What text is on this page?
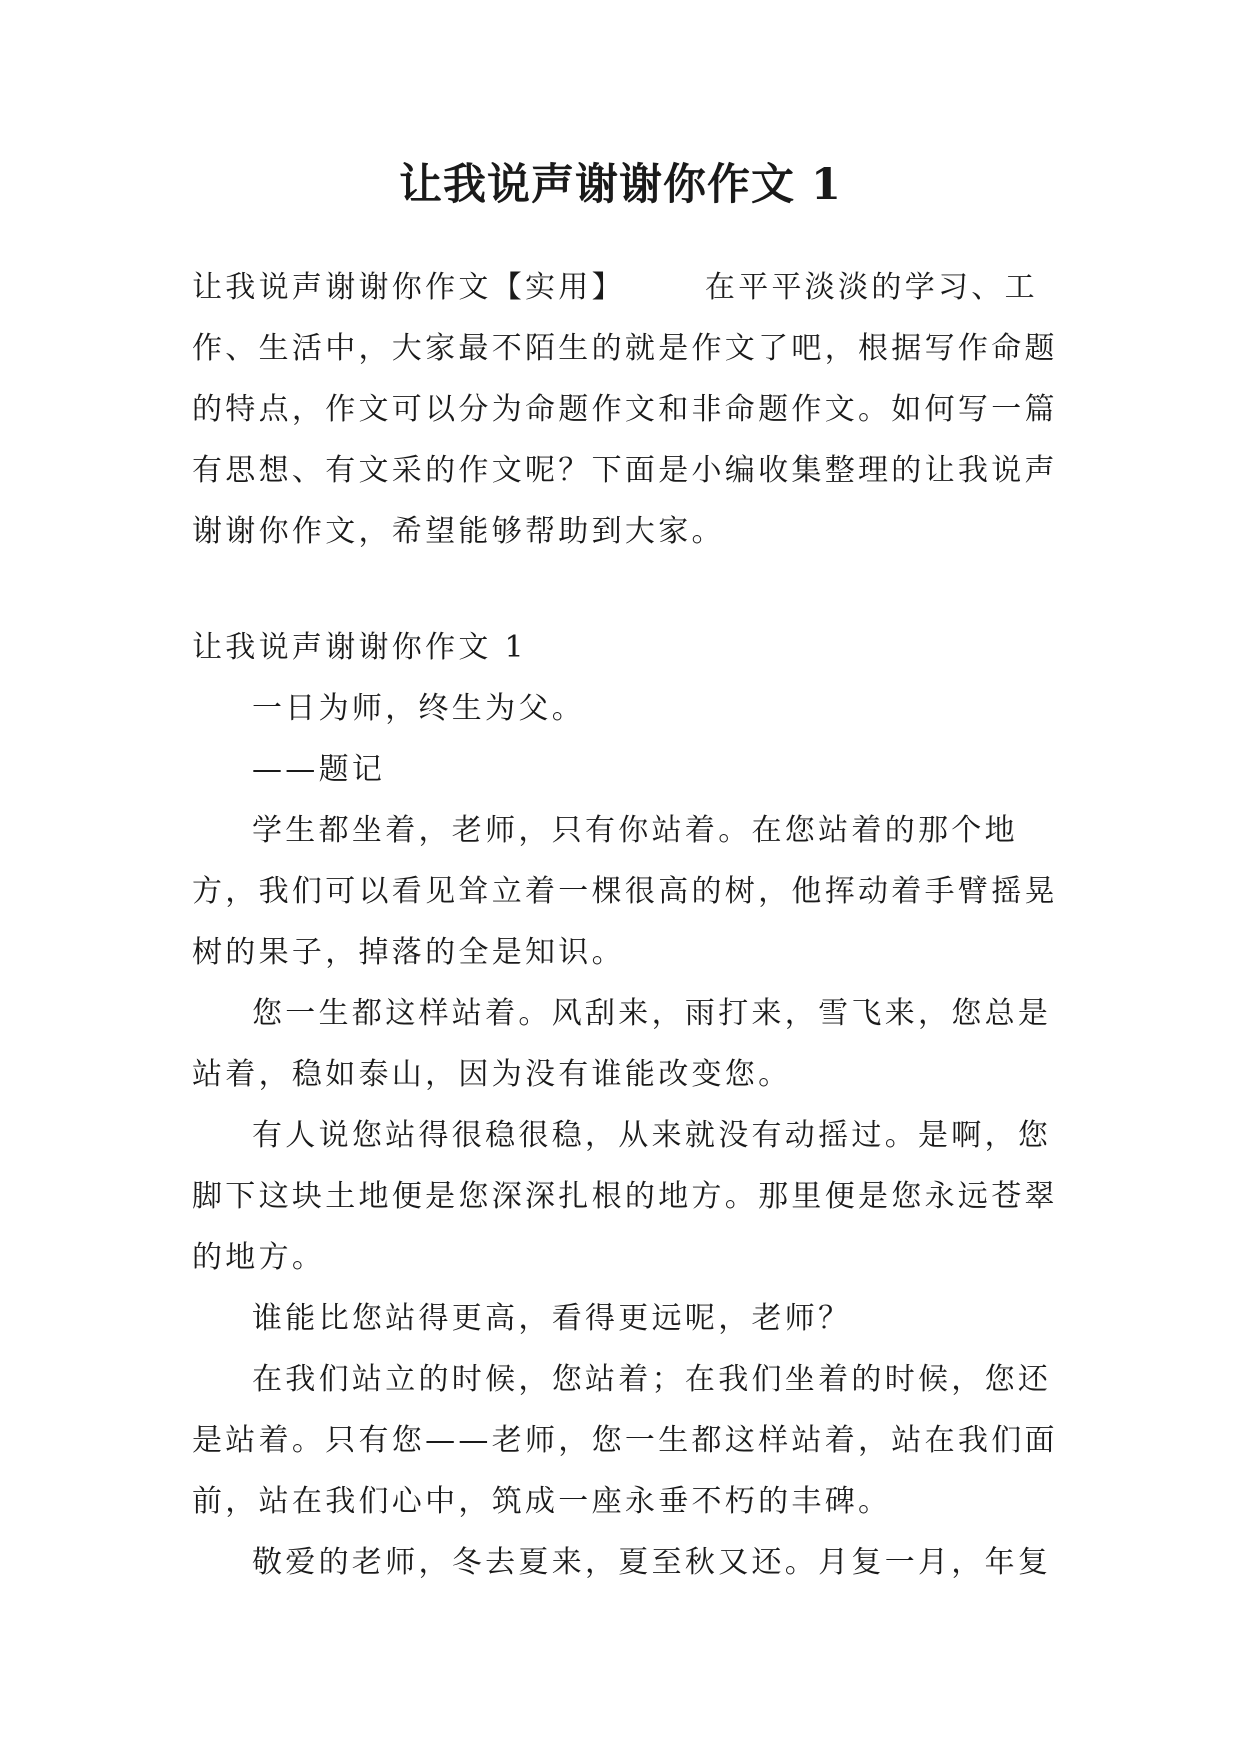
让我说声谢谢你作文 1

让我说声谢谢你作文【实用】	在平平淡淡的学习、工作、生活中，大家最不陌生的就是作文了吧，根据写作命题的特点，作文可以分为命题作文和非命题作文。如何写一篇有思想、有文采的作文呢？下面是小编收集整理的让我说声谢谢你作文，希望能够帮助到大家。

让我说声谢谢你作文 1

一日为师，终生为父。

——题记

学生都坐着，老师，只有你站着。在您站着的那个地方，我们可以看见耸立着一棵很高的树，他挥动着手臂摇晃树的果子，掉落的全是知识。

您一生都这样站着。风刮来，雨打来，雪飞来，您总是站着，稳如泰山，因为没有谁能改变您。

有人说您站得很稳很稳，从来就没有动摇过。是啊，您脚下这块土地便是您深深扎根的地方。那里便是您永远苍翠的地方。

谁能比您站得更高，看得更远呢，老师？

在我们站立的时候，您站着；在我们坐着的时候，您还是站着。只有您——老师，您一生都这样站着，站在我们面前，站在我们心中，筑成一座永垂不朽的丰碑。

敬爱的老师，冬去夏来，夏至秋又还。月复一月，年复
